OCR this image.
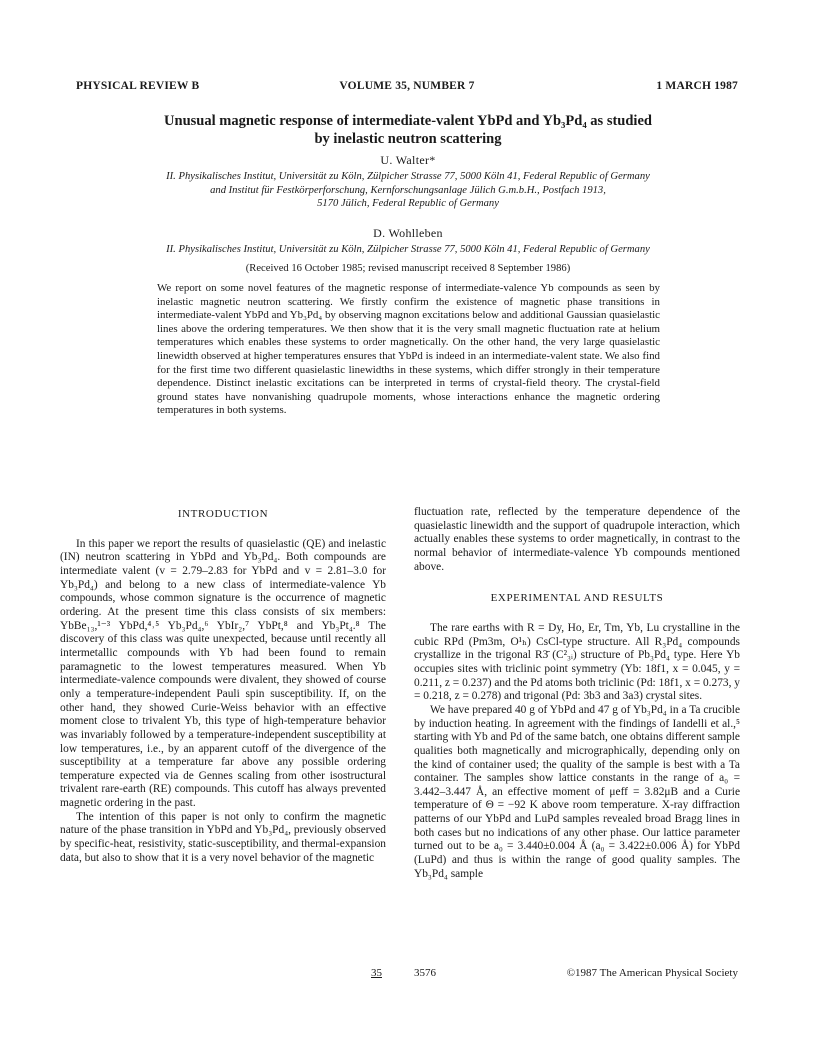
PHYSICAL REVIEW B	VOLUME 35, NUMBER 7	1 MARCH 1987
Unusual magnetic response of intermediate-valent YbPd and Yb₃Pd₄ as studied
by inelastic neutron scattering
U. Walter*
II. Physikalisches Institut, Universität zu Köln, Zülpicher Strasse 77, 5000 Köln 41, Federal Republic of Germany
and Institut für Festkörperforschung, Kernforschungsanlage Jülich G.m.b.H., Postfach 1913,
5170 Jülich, Federal Republic of Germany
D. Wohlleben
II. Physikalisches Institut, Universität zu Köln, Zülpicher Strasse 77, 5000 Köln 41, Federal Republic of Germany
(Received 16 October 1985; revised manuscript received 8 September 1986)
We report on some novel features of the magnetic response of intermediate-valence Yb compounds as seen by inelastic magnetic neutron scattering. We firstly confirm the existence of magnetic phase transitions in intermediate-valent YbPd and Yb₃Pd₄ by observing magnon excitations below and additional Gaussian quasielastic lines above the ordering temperatures. We then show that it is the very small magnetic fluctuation rate at helium temperatures which enables these systems to order magnetically. On the other hand, the very large quasielastic linewidth observed at higher temperatures ensures that YbPd is indeed in an intermediate-valent state. We also find for the first time two different quasielastic linewidths in these systems, which differ strongly in their temperature dependence. Distinct inelastic excitations can be interpreted in terms of crystal-field theory. The crystal-field ground states have nonvanishing quadrupole moments, whose interactions enhance the magnetic ordering temperatures in both systems.
INTRODUCTION

In this paper we report the results of quasielastic (QE) and inelastic (IN) neutron scattering in YbPd and Yb₃Pd₄. Both compounds are intermediate valent (v = 2.79–2.83 for YbPd and v = 2.81–3.0 for Yb₃Pd₄) and belong to a new class of intermediate-valence Yb compounds, whose common signature is the occurrence of magnetic ordering. At the present time this class consists of six members: YbBe₁₃,¹⁻³ YbPd,⁴˒⁵ Yb₃Pd₄,⁶ YbIr₂,⁷ YbPt,⁸ and Yb₃Pt₄.⁸ The discovery of this class was quite unexpected, because until recently all intermetallic compounds with Yb had been found to remain paramagnetic to the lowest temperatures measured. When Yb intermediate-valence compounds were divalent, they showed of course only a temperature-independent Pauli spin susceptibility. If, on the other hand, they showed Curie-Weiss behavior with an effective moment close to trivalent Yb, this type of high-temperature behavior was invariably followed by a temperature-independent susceptibility at low temperatures, i.e., by an apparent cutoff of the divergence of the susceptibility at a temperature far above any possible ordering temperature expected via de Gennes scaling from other isostructural trivalent rare-earth (RE) compounds. This cutoff has always prevented magnetic ordering in the past.

The intention of this paper is not only to confirm the magnetic nature of the phase transition in YbPd and Yb₃Pd₄, previously observed by specific-heat, resistivity, static-susceptibility, and thermal-expansion data, but also to show that it is a very novel behavior of the magnetic

fluctuation rate, reflected by the temperature dependence of the quasielastic linewidth and the support of quadrupole interaction, which actually enables these systems to order magnetically, in contrast to the normal behavior of intermediate-valence Yb compounds mentioned above.

EXPERIMENTAL AND RESULTS

The rare earths with R = Dy, Ho, Er, Tm, Yb, Lu crystalline in the cubic RPd (Pm3m, O¹ₕ) CsCl-type structure. All R₃Pd₄ compounds crystallize in the trigonal R3̄ (C²₃ᵢ) structure of Pb₃Pd₄ type. Here Yb occupies sites with triclinic point symmetry (Yb: 18f1, x = 0.045, y = 0.211, z = 0.237) and the Pd atoms both triclinic (Pd: 18f1, x = 0.273, y = 0.218, z = 0.278) and trigonal (Pd: 3b3 and 3a3) crystal sites.

We have prepared 40 g of YbPd and 47 g of Yb₃Pd₄ in a Ta crucible by induction heating. In agreement with the findings of Iandelli et al.,⁵ starting with Yb and Pd of the same batch, one obtains different sample qualities both magnetically and micrographically, depending only on the kind of container used; the quality of the sample is best with a Ta container. The samples show lattice constants in the range of a₀ = 3.442–3.447 Å, an effective moment of μeff = 3.82μB and a Curie temperature of Θ = −92 K above room temperature. X-ray diffraction patterns of our YbPd and LuPd samples revealed broad Bragg lines in both cases but no indications of any other phase. Our lattice parameter turned out to be a₀ = 3.440±0.004 Å (a₀ = 3.422±0.006 Å) for YbPd (LuPd) and thus is within the range of good quality samples. The Yb₃Pd₄ sample

35	3576	©1987 The American Physical Society
